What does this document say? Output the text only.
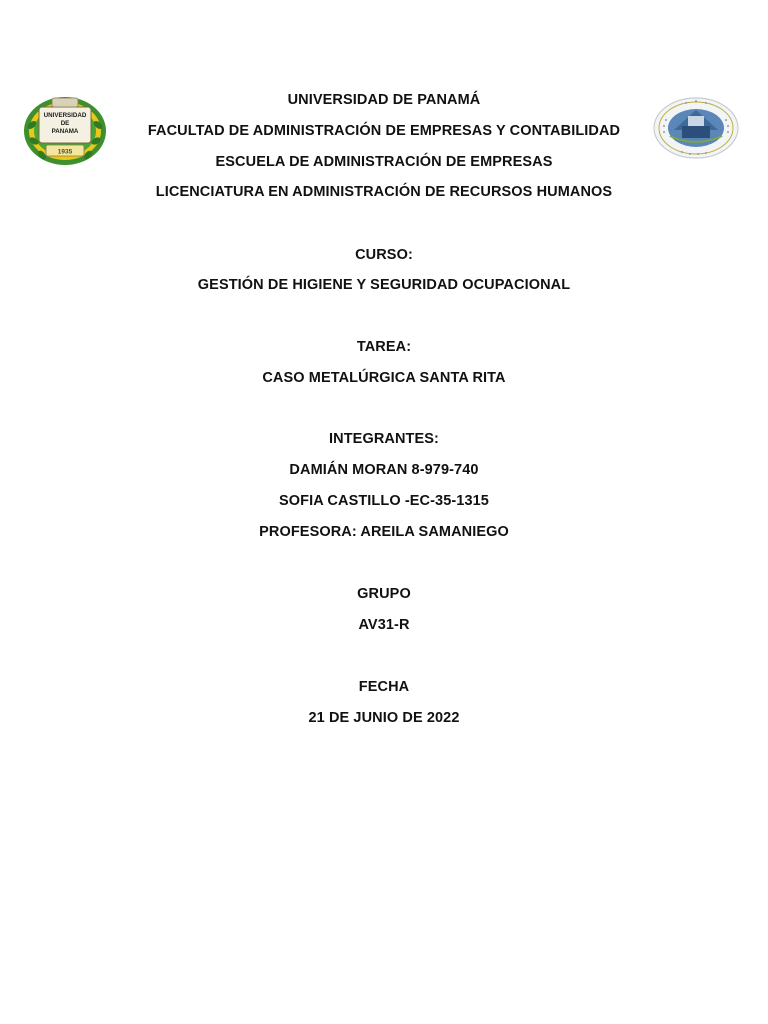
UNIVERSIDAD
DE
PANAMA
1935
UNIVERSIDAD DE PANAMÁ
FACULTAD DE ADMINISTRACIÓN DE EMPRESAS Y CONTABILIDAD
ESCUELA DE ADMINISTRACIÓN DE EMPRESAS
LICENCIATURA EN ADMINISTRACIÓN DE RECURSOS HUMANOS
CURSO:
GESTIÓN DE HIGIENE Y SEGURIDAD OCUPACIONAL
TAREA:
CASO METALÚRGICA SANTA RITA
INTEGRANTES:
DAMIÁN MORAN 8-979-740
SOFIA CASTILLO -EC-35-1315
PROFESORA: AREILA SAMANIEGO
GRUPO
AV31-R
FECHA
21 DE JUNIO DE 2022
